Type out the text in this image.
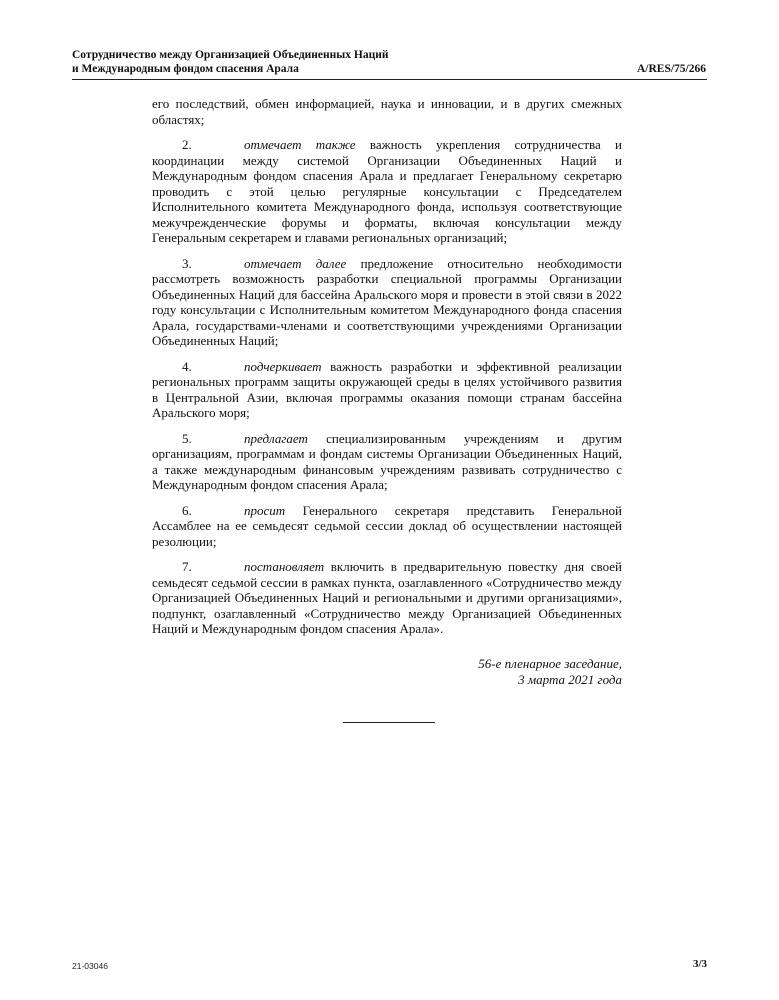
Сотрудничество между Организацией Объединенных Наций
и Международным фондом спасения Арала	A/RES/75/266

его последствий, обмен информацией, наука и инновации, и в других смежных областях;

2.	отмечает также важность укрепления сотрудничества и координации между системой Организации Объединенных Наций и Международным фондом спасения Арала и предлагает Генеральному секретарю проводить с этой целью регулярные консультации с Председателем Исполнительного комитета Международного фонда, используя соответствующие межучрежденческие форумы и форматы, включая консультации между Генеральным секретарем и главами региональных организаций;

3.	отмечает далее предложение относительно необходимости рассмотреть возможность разработки специальной программы Организации Объединенных Наций для бассейна Аральского моря и провести в этой связи в 2022 году консультации с Исполнительным комитетом Международного фонда спасения Арала, государствами-членами и соответствующими учреждениями Организации Объединенных Наций;

4.	подчеркивает важность разработки и эффективной реализации региональных программ защиты окружающей среды в целях устойчивого развития в Центральной Азии, включая программы оказания помощи странам бассейна Аральского моря;

5.	предлагает специализированным учреждениям и другим организациям, программам и фондам системы Организации Объединенных Наций, а также международным финансовым учреждениям развивать сотрудничество с Международным фондом спасения Арала;

6.	просит Генерального секретаря представить Генеральной Ассамблее на ее семьдесят седьмой сессии доклад об осуществлении настоящей резолюции;

7.	постановляет включить в предварительную повестку дня своей семьдесят седьмой сессии в рамках пункта, озаглавленного «Сотрудничество между Организацией Объединенных Наций и региональными и другими организациями», подпункт, озаглавленный «Сотрудничество между Организацией Объединенных Наций и Международным фондом спасения Арала».

56-е пленарное заседание,
3 марта 2021 года
21-03046	3/3
